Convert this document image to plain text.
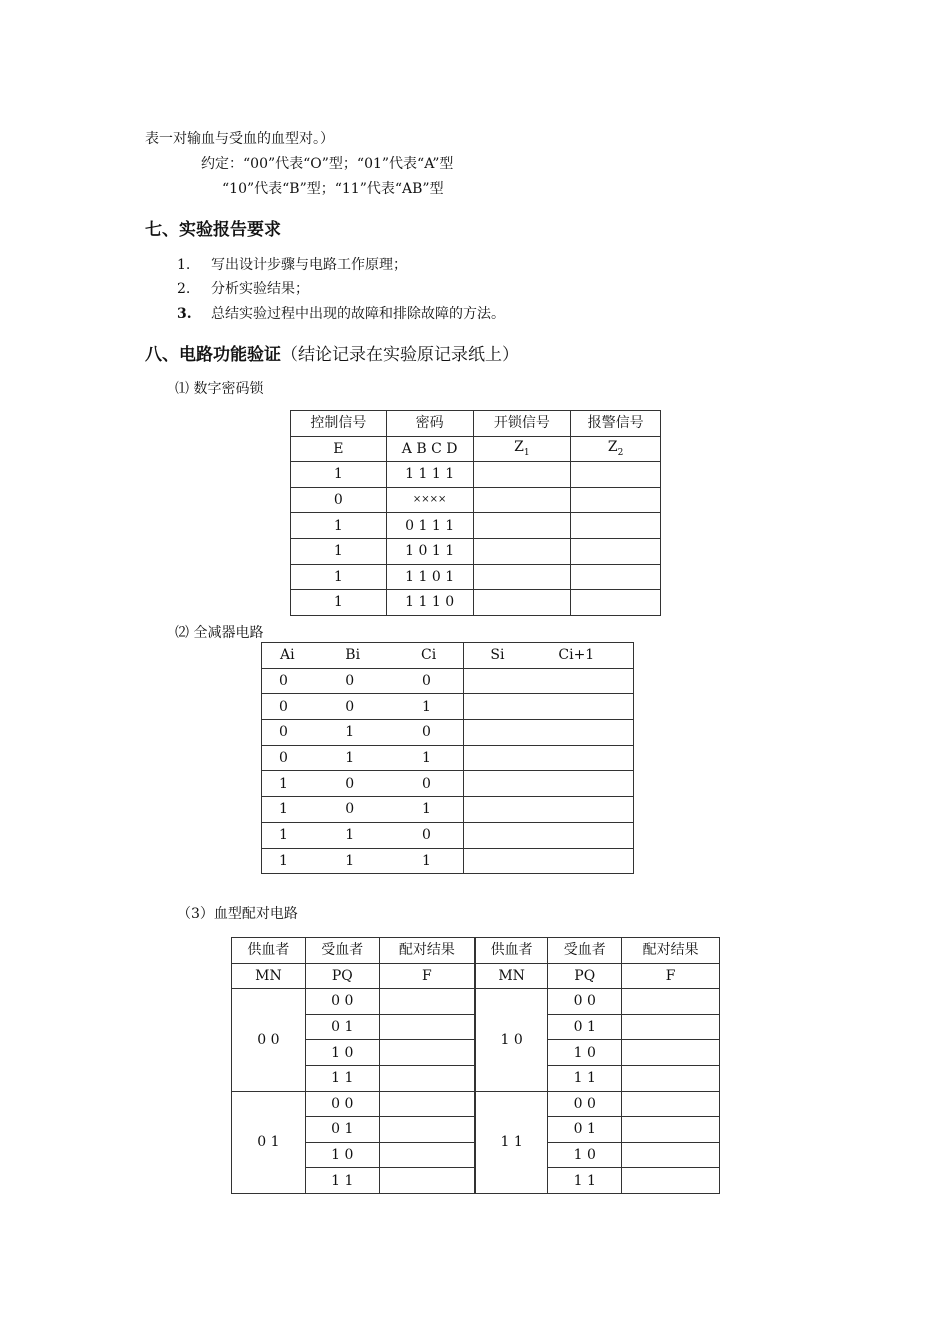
表一对输血与受血的血型对。）
约定：“00”代表“O”型；“01”代表“A”型
“10”代表“B”型；“11”代表“AB”型
七、实验报告要求
1. 写出设计步骤与电路工作原理；
2. 分析实验结果；
3. 总结实验过程中出现的故障和排除故障的方法。
八、电路功能验证（结论记录在实验原记录纸上）
⑴ 数字密码锁
控制信号	密码	开锁信号	报警信号
E	A B C D	$Z_1$	$Z_2$
1	1 1 1 1		
0	××××		
1	0 1 1 1		
1	1 0 1 1		
1	1 1 0 1		
1	1 1 1 0		
⑵ 全减器电路
Ai	Bi	Ci	Si Ci+1
0	0	0	
0	0	1	
0	1	0	
0	1	1	
1	0	0	
1	0	1	
1	1	0	
1	1	1	
（3）血型配对电路
供血者	受血者	配对结果	供血者	受血者	配对结果
MN	PQ	F	MN	PQ	F
0 0	0 0		1 0	0 0	
	0 1			0 1	
	1 0			1 0	
	1 1			1 1	
0 1	0 0		1 1	0 0	
	0 1			0 1	
	1 0			1 0	
	1 1			1 1	
